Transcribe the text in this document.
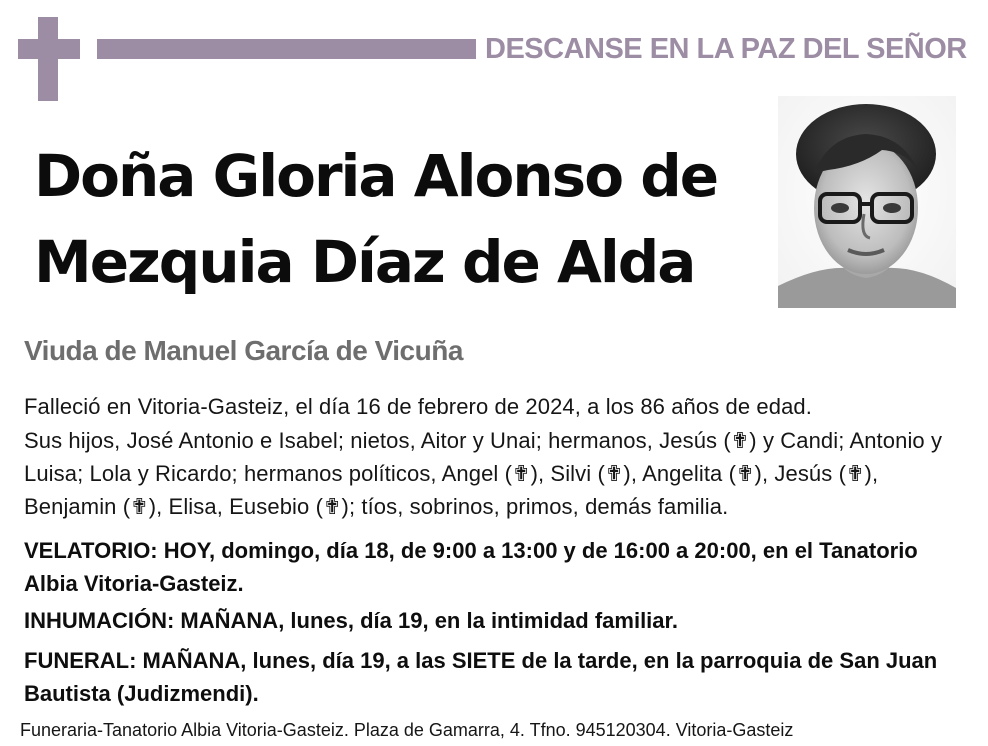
DESCANSE EN LA PAZ DEL SEÑOR
Doña Gloria Alonso de
Mezquia Díaz de Alda
Viuda de Manuel García de Vicuña
Falleció en Vitoria-Gasteiz, el día 16 de febrero de 2024, a los 86 años de edad.
Sus hijos, José Antonio e Isabel; nietos, Aitor y Unai; hermanos, Jesús (✟) y Candi; Antonio y Luisa; Lola y Ricardo; hermanos políticos, Angel (✟), Silvi (✟), Angelita (✟), Jesús (✟), Benjamin (✟), Elisa, Eusebio (✟); tíos, sobrinos, primos, demás familia.
VELATORIO: HOY, domingo, día 18, de 9:00 a 13:00 y de 16:00 a 20:00, en el Tanatorio Albia Vitoria-Gasteiz.
INHUMACIÓN: MAÑANA, lunes, día 19, en la intimidad familiar.
FUNERAL: MAÑANA, lunes, día 19, a las SIETE de la tarde, en la parroquia de San Juan Bautista (Judizmendi).
Funeraria-Tanatorio Albia Vitoria-Gasteiz. Plaza de Gamarra, 4. Tfno. 945120304. Vitoria-Gasteiz
